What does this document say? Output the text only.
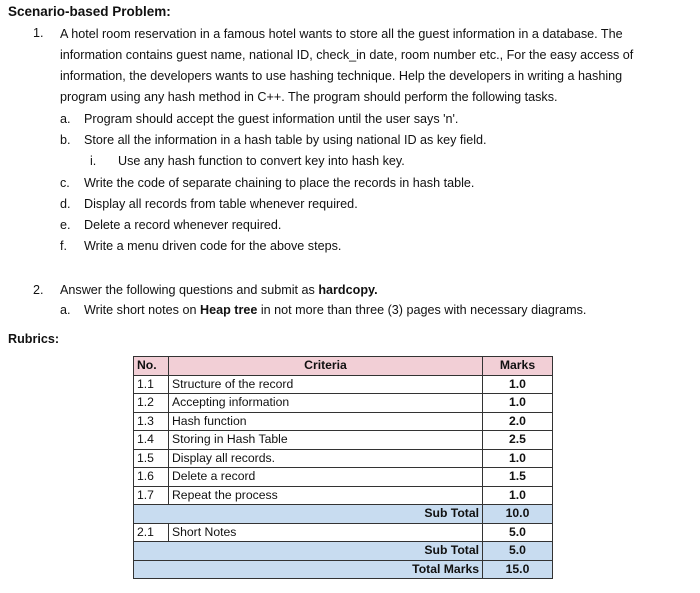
Scenario-based Problem:
1. A hotel room reservation in a famous hotel wants to store all the guest information in a database. The
information contains guest name, national ID, check_in date, room number etc., For the easy access of
information, the developers wants to use hashing technique. Help the developers in writing a hashing
program using any hash method in C++. The program should perform the following tasks.
a. Program should accept the guest information until the user says 'n'.
b. Store all the information in a hash table by using national ID as key field.
i. Use any hash function to convert key into hash key.
c. Write the code of separate chaining to place the records in hash table.
d. Display all records from table whenever required.
e. Delete a record whenever required.
f. Write a menu driven code for the above steps.
2. Answer the following questions and submit as hardcopy.
a. Write short notes on Heap tree in not more than three (3) pages with necessary diagrams.
Rubrics:
No.	Criteria	Marks
1.1	Structure of the record	1.0
1.2	Accepting information	1.0
1.3	Hash function	2.0
1.4	Storing in Hash Table	2.5
1.5	Display all records.	1.0
1.6	Delete a record	1.5
1.7	Repeat the process	1.0
Sub Total		10.0
2.1	Short Notes	5.0
Sub Total		5.0
Total Marks		15.0
